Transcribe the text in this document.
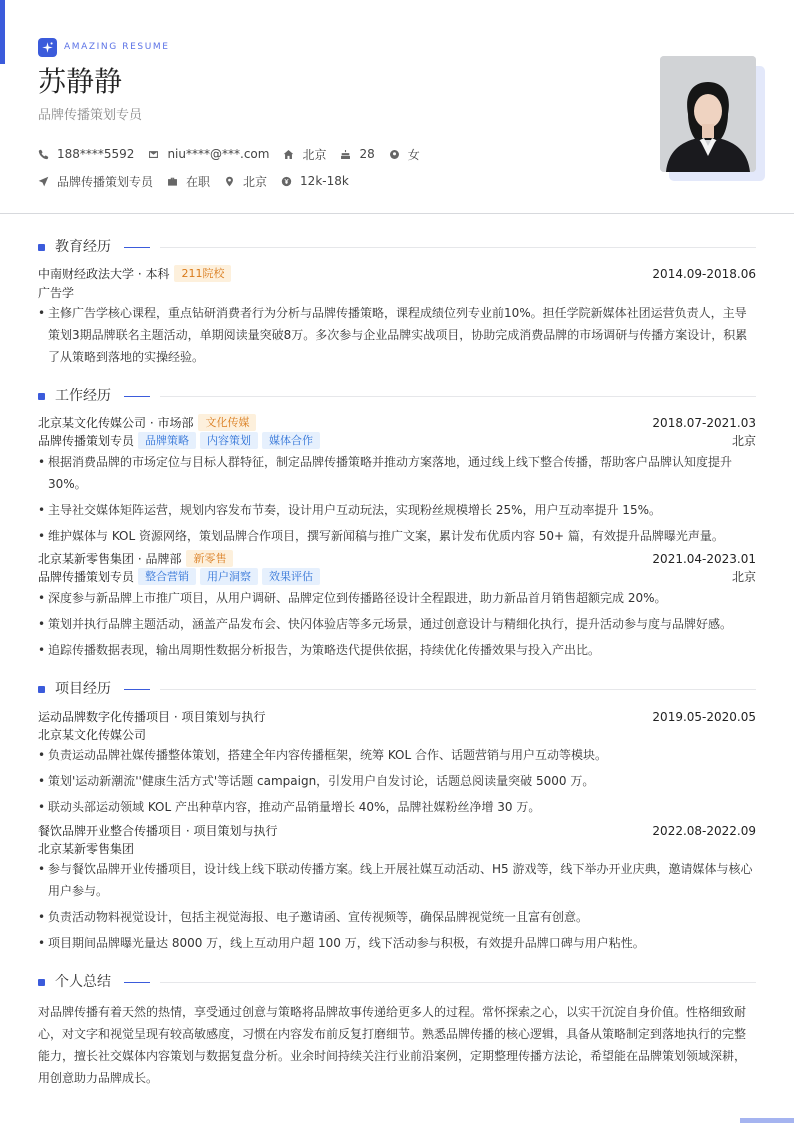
AMAZING RESUME
苏静静
品牌传播策划专员
188****5592	niu****@***.com	北京	28	女
品牌传播策划专员	在职	北京	12k-18k
教育经历
中南财经政法大学 · 本科 211院校	2014.09-2018.06
广告学
• 主修广告学核心课程，重点钻研消费者行为分析与品牌传播策略，课程成绩位列专业前10%。担任学院新媒体社团运营负责人，主导策划3期品牌联名主题活动，单期阅读量突破8万。多次参与企业品牌实战项目，协助完成消费品牌的市场调研与传播方案设计，积累了从策略到落地的实操经验。
工作经历
北京某文化传媒公司 · 市场部 文化传媒	2018.07-2021.03
品牌传播策划专员 品牌策略 内容策划 媒体合作	北京
• 根据消费品牌的市场定位与目标人群特征，制定品牌传播策略并推动方案落地，通过线上线下整合传播，帮助客户品牌认知度提升 30%。
• 主导社交媒体矩阵运营，规划内容发布节奏，设计用户互动玩法，实现粉丝规模增长 25%，用户互动率提升 15%。
• 维护媒体与 KOL 资源网络，策划品牌合作项目，撰写新闻稿与推广文案，累计发布优质内容 50+ 篇，有效提升品牌曝光声量。
北京某新零售集团 · 品牌部 新零售	2021.04-2023.01
品牌传播策划专员 整合营销 用户洞察 效果评估	北京
• 深度参与新品牌上市推广项目，从用户调研、品牌定位到传播路径设计全程跟进，助力新品首月销售超额完成 20%。
• 策划并执行品牌主题活动，涵盖产品发布会、快闪体验店等多元场景，通过创意设计与精细化执行，提升活动参与度与品牌好感。
• 追踪传播数据表现，输出周期性数据分析报告，为策略迭代提供依据，持续优化传播效果与投入产出比。
项目经历
运动品牌数字化传播项目 · 项目策划与执行	2019.05-2020.05
北京某文化传媒公司
• 负责运动品牌社媒传播整体策划，搭建全年内容传播框架，统筹 KOL 合作、话题营销与用户互动等模块。
• 策划'运动新潮流''健康生活方式'等话题 campaign，引发用户自发讨论，话题总阅读量突破 5000 万。
• 联动头部运动领域 KOL 产出种草内容，推动产品销量增长 40%，品牌社媒粉丝净增 30 万。
餐饮品牌开业整合传播项目 · 项目策划与执行	2022.08-2022.09
北京某新零售集团
• 参与餐饮品牌开业传播项目，设计线上线下联动传播方案。线上开展社媒互动活动、H5 游戏等，线下举办开业庆典，邀请媒体与核心用户参与。
• 负责活动物料视觉设计，包括主视觉海报、电子邀请函、宣传视频等，确保品牌视觉统一且富有创意。
• 项目期间品牌曝光量达 8000 万，线上互动用户超 100 万，线下活动参与积极，有效提升品牌口碑与用户粘性。
个人总结
对品牌传播有着天然的热情，享受通过创意与策略将品牌故事传递给更多人的过程。常怀探索之心，以实干沉淀自身价值。性格细致耐心，对文字和视觉呈现有较高敏感度，习惯在内容发布前反复打磨细节。熟悉品牌传播的核心逻辑，具备从策略制定到落地执行的完整能力，擅长社交媒体内容策划与数据复盘分析。业余时间持续关注行业前沿案例，定期整理传播方法论，希望能在品牌策划领域深耕，用创意助力品牌成长。
